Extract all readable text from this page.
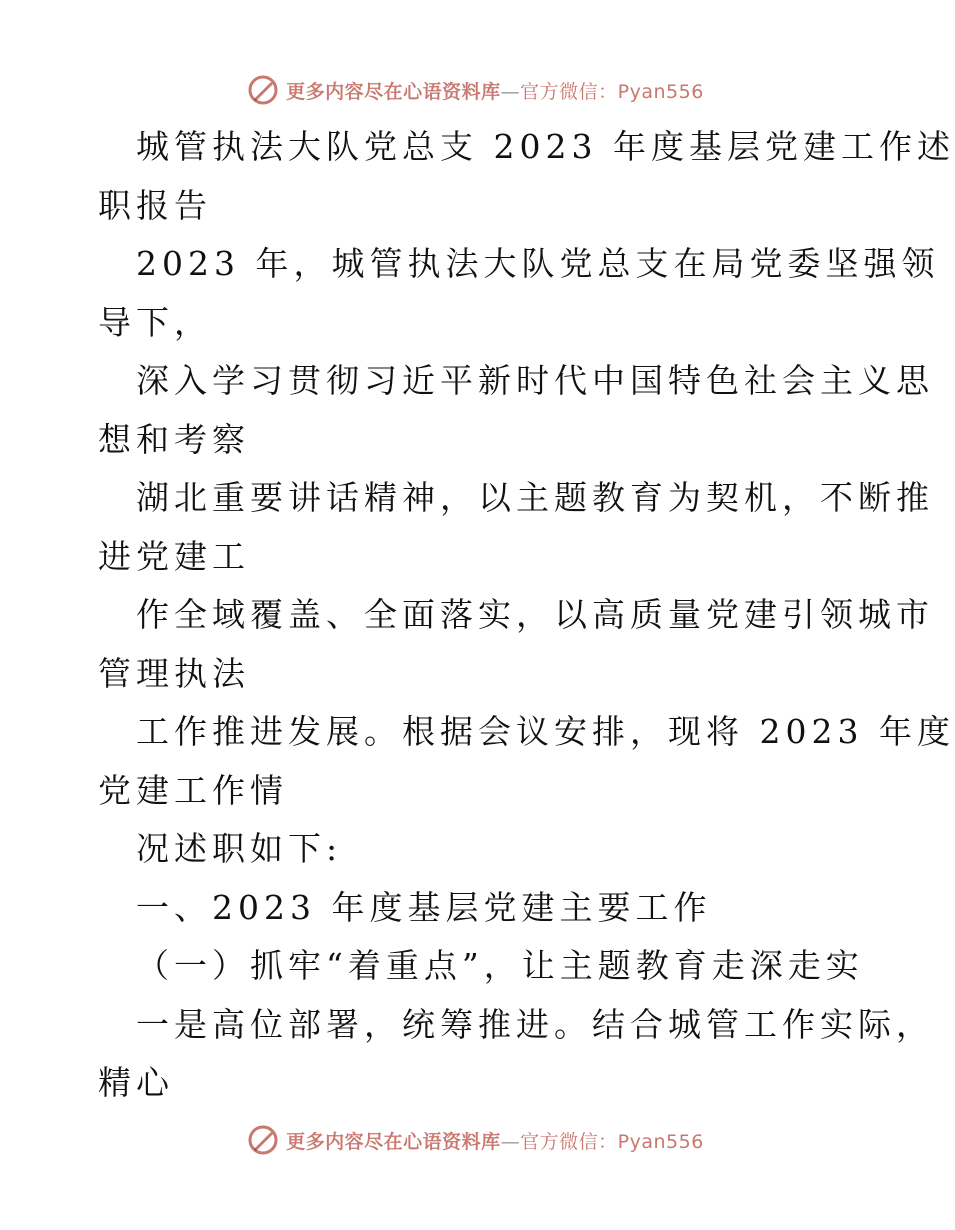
更多内容尽在心语资料库—官方微信：Pyan556
城管执法大队党总支 2023 年度基层党建工作述
职报告
2023 年，城管执法大队党总支在局党委坚强领
导下，
深入学习贯彻习近平新时代中国特色社会主义思
想和考察
湖北重要讲话精神，以主题教育为契机，不断推
进党建工
作全域覆盖、全面落实，以高质量党建引领城市
管理执法
工作推进发展。根据会议安排，现将 2023 年度
党建工作情
况述职如下:
一、2023 年度基层党建主要工作
（一）抓牢“着重点”，让主题教育走深走实
一是高位部署，统筹推进。结合城管工作实际，
精心
更多内容尽在心语资料库—官方微信：Pyan556
